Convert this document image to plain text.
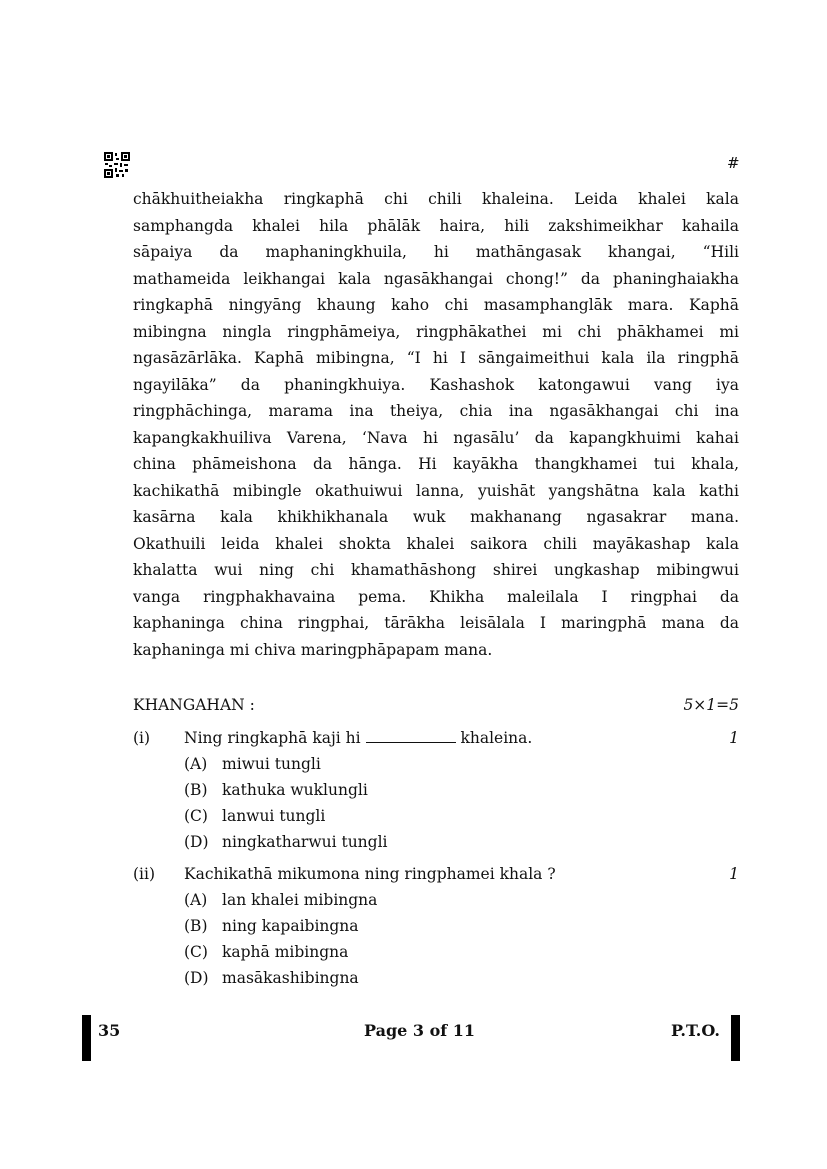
#
chākhuitheiakha ringkaphā chi chili khaleina. Leida khalei kala
samphangda khalei hila phālāk haira, hili zakshimeikhar kahaila
sāpaiya da maphaningkhuila, hi mathāngasak khangai, “Hili
mathameida leikhangai kala ngasākhangai chong!” da phaninghaiakha
ringkaphā ningyāng khaung kaho chi masamphanglāk mara. Kaphā
mibingna ningla ringphāmeiya, ringphākathei mi chi phākhamei mi
ngasāzārlāka. Kaphā mibingna, “I hi I sāngaimeithui kala ila ringphā
ngayilāka” da phaningkhuiya. Kashashok katongawui vang iya
ringphāchinga, marama ina theiya, chia ina ngasākhangai chi ina
kapangkakhuiliva Varena, ‘Nava hi ngasālu’ da kapangkhuimi kahai
china phāmeishona da hānga. Hi kayākha thangkhamei tui khala,
kachikathā mibingle okathuiwui lanna, yuishāt yangshātna kala kathi
kasārna kala khikhikhanala wuk makhanang ngasakrar mana.
Okathuili leida khalei shokta khalei saikora chili mayākashap kala
khalatta wui ning chi khamathāshong shirei ungkashap mibingwui
vanga ringphakhavaina pema. Khikha maleilala I ringphai da
kaphaninga china ringphai, tārākha leisālala I maringphā mana da
kaphaninga mi chiva maringphāpapam mana.
KHANGAHAN :	5×1=5
(i) Ning ringkaphā kaji hi	khaleina.	1
(A) miwui tungli
(B) kathuka wuklungli
(C) lanwui tungli
(D) ningkatharwui tungli
(ii) Kachikathā mikumona ning ringphamei khala ?	1
(A) lan khalei mibingna
(B) ning kapaibingna
(C) kaphā mibingna
(D) masākashibingna
35	Page 3 of 11	P.T.O.
